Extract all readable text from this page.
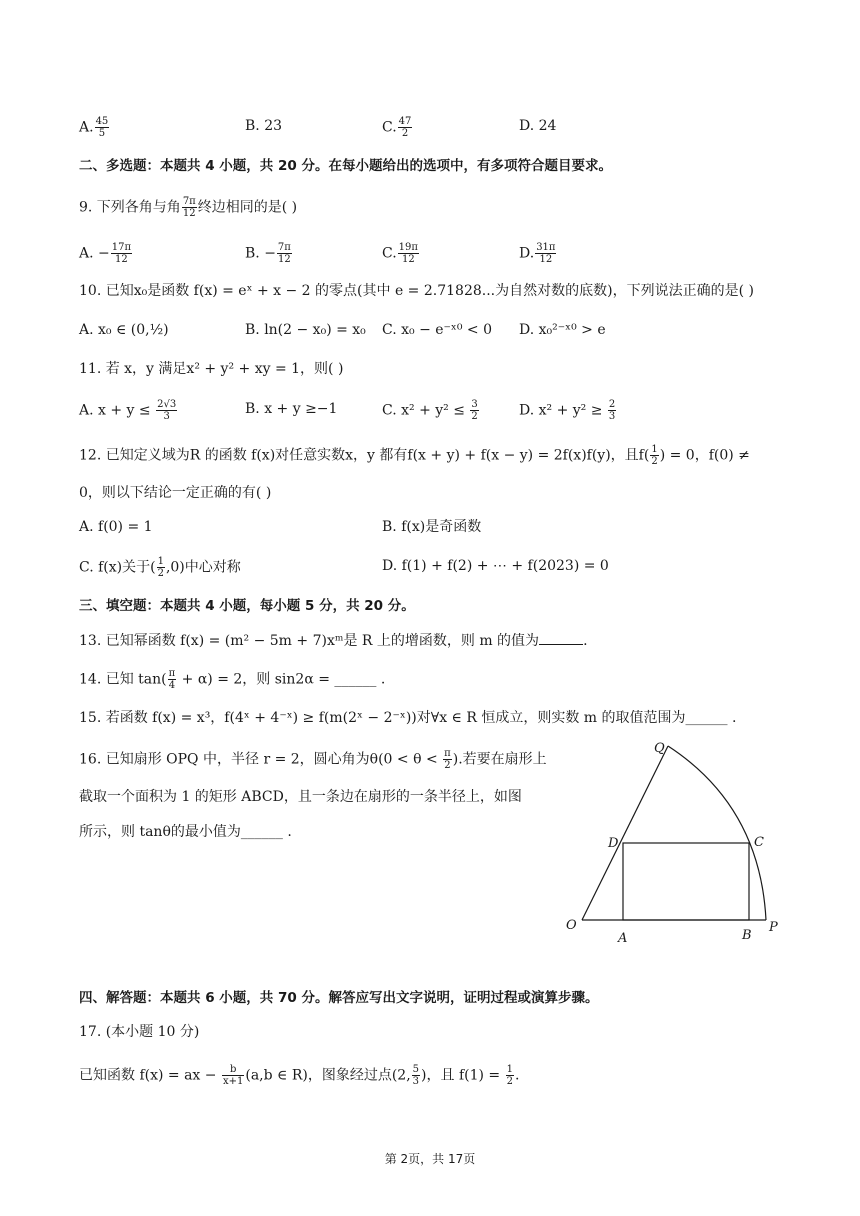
A. $\frac{45}{5}$	B. 23	C. $\frac{47}{2}$	D. 24
二、多选题：本题共 4 小题，共 20 分。在每小题给出的选项中，有多项符合题目要求。
9. 下列各角与角 $\frac{7\pi}{12}$ 终边相同的是( )
A. − $\frac{17\pi}{12}$	B. − $\frac{7\pi}{12}$	C. $\frac{19\pi}{12}$	D. $\frac{31\pi}{12}$
10. 已知x₀是函数 f(x) = eˣ + x − 2 的零点(其中 e = 2.71828...为自然对数的底数)，下列说法正确的是( )
A. x₀ ∈ (0,½)	B. ln(2 − x₀) = x₀ C. x₀ − e⁻ˣ⁰ < 0 D. x₀²⁻ˣ⁰ > e
11. 若 x，y 满足x² + y² + xy = 1，则( )
A. $x + y \le \frac{2√3}{3}$	B. x + y ≥−1	C. $x^2 + y^2 \le \frac{3}{2}$	D. $x^2 + y^2 \ge \frac{2}{3}$
12. 已知定义域为R 的函数 f(x)对任意实数x，y 都有f(x + y) + f(x − y) = 2f(x)f(y)，且$f( \frac{1}{2}$ ) = 0，f(0) ≠
0，则以下结论一定正确的有( )
A. f(0) = 1	B. f(x)是奇函数
C. f(x)关于( $\frac{1}{2} ,0$)中心对称	D. f(1) + f(2) + ⋯ + f(2023) = 0
三、填空题：本题共 4 小题，每小题 5 分，共 20 分。
13. 已知幂函数 f(x) = (m² − 5m + 7)xᵐ是 R 上的增函数，则 m 的值为	.
14. 已知 $\tan( \frac{\pi}{4} + \alpha) = 2$，则 sin2α = ______ .
15. 若函数 f(x) = x³，f(4ˣ + 4⁻ˣ) ≥ f(m(2ˣ − 2⁻ˣ))对∀x ∈ R 恒成立，则实数 m 的取值范围为______ .
16. 已知扇形 OPQ 中，半径 r = 2，圆心角为$\theta(0 < \theta < \frac{\pi}{2}$ ).若要在扇形上
截取一个面积为 1 的矩形 ABCD，且一条边在扇形的一条半径上，如图
所示，则 tanθ的最小值为______ .
Q
D	C
O
A	B
P
四、解答题：本题共 6 小题，共 70 分。解答应写出文字说明，证明过程或演算步骤。
17. (本小题 10 分)
已知函数 f(x) = ax − $\frac{b}{x+1} (a,b$ ∈ R)，图象经过点(2, $\frac{5}{3}$ )，且 $f(1) = \frac{1}{2}$ .
第 2页，共 17页
